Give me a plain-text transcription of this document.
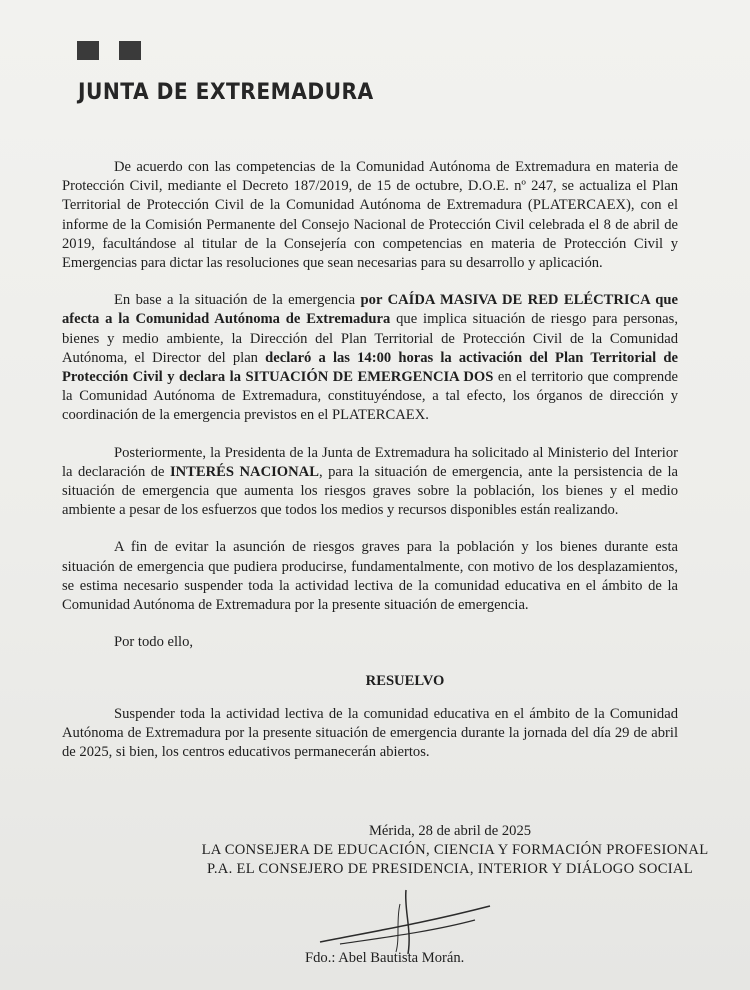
JUNTA DE EXTREMADURA

De acuerdo con las competencias de la Comunidad Autónoma de Extremadura en materia de Protección Civil, mediante el Decreto 187/2019, de 15 de octubre, D.O.E. nº 247, se actualiza el Plan Territorial de Protección Civil de la Comunidad Autónoma de Extremadura (PLATERCAEX), con el informe de la Comisión Permanente del Consejo Nacional de Protección Civil celebrada el 8 de abril de 2019, facultándose al titular de la Consejería con competencias en materia de Protección Civil y Emergencias para dictar las resoluciones que sean necesarias para su desarrollo y aplicación.

En base a la situación de la emergencia por CAÍDA MASIVA DE RED ELÉCTRICA que afecta a la Comunidad Autónoma de Extremadura que implica situación de riesgo para personas, bienes y medio ambiente, la Dirección del Plan Territorial de Protección Civil de la Comunidad Autónoma, el Director del plan declaró a las 14:00 horas la activación del Plan Territorial de Protección Civil y declara la SITUACIÓN DE EMERGENCIA DOS en el territorio que comprende la Comunidad Autónoma de Extremadura, constituyéndose, a tal efecto, los órganos de dirección y coordinación de la emergencia previstos en el PLATERCAEX.

Posteriormente, la Presidenta de la Junta de Extremadura ha solicitado al Ministerio del Interior la declaración de INTERÉS NACIONAL, para la situación de emergencia, ante la persistencia de la situación de emergencia que aumenta los riesgos graves sobre la población, los bienes y el medio ambiente a pesar de los esfuerzos que todos los medios y recursos disponibles están realizando.

A fin de evitar la asunción de riesgos graves para la población y los bienes durante esta situación de emergencia que pudiera producirse, fundamentalmente, con motivo de los desplazamientos, se estima necesario suspender toda la actividad lectiva de la comunidad educativa en el ámbito de la Comunidad Autónoma de Extremadura por la presente situación de emergencia.

Por todo ello,

RESUELVO

Suspender toda la actividad lectiva de la comunidad educativa en el ámbito de la Comunidad Autónoma de Extremadura por la presente situación de emergencia durante la jornada del día 29 de abril de 2025, si bien, los centros educativos permanecerán abiertos.

Mérida, 28 de abril de 2025
LA CONSEJERA DE EDUCACIÓN, CIENCIA Y FORMACIÓN PROFESIONAL
P.A. EL CONSEJERO DE PRESIDENCIA, INTERIOR Y DIÁLOGO SOCIAL
Fdo.: Abel Bautista Morán.
